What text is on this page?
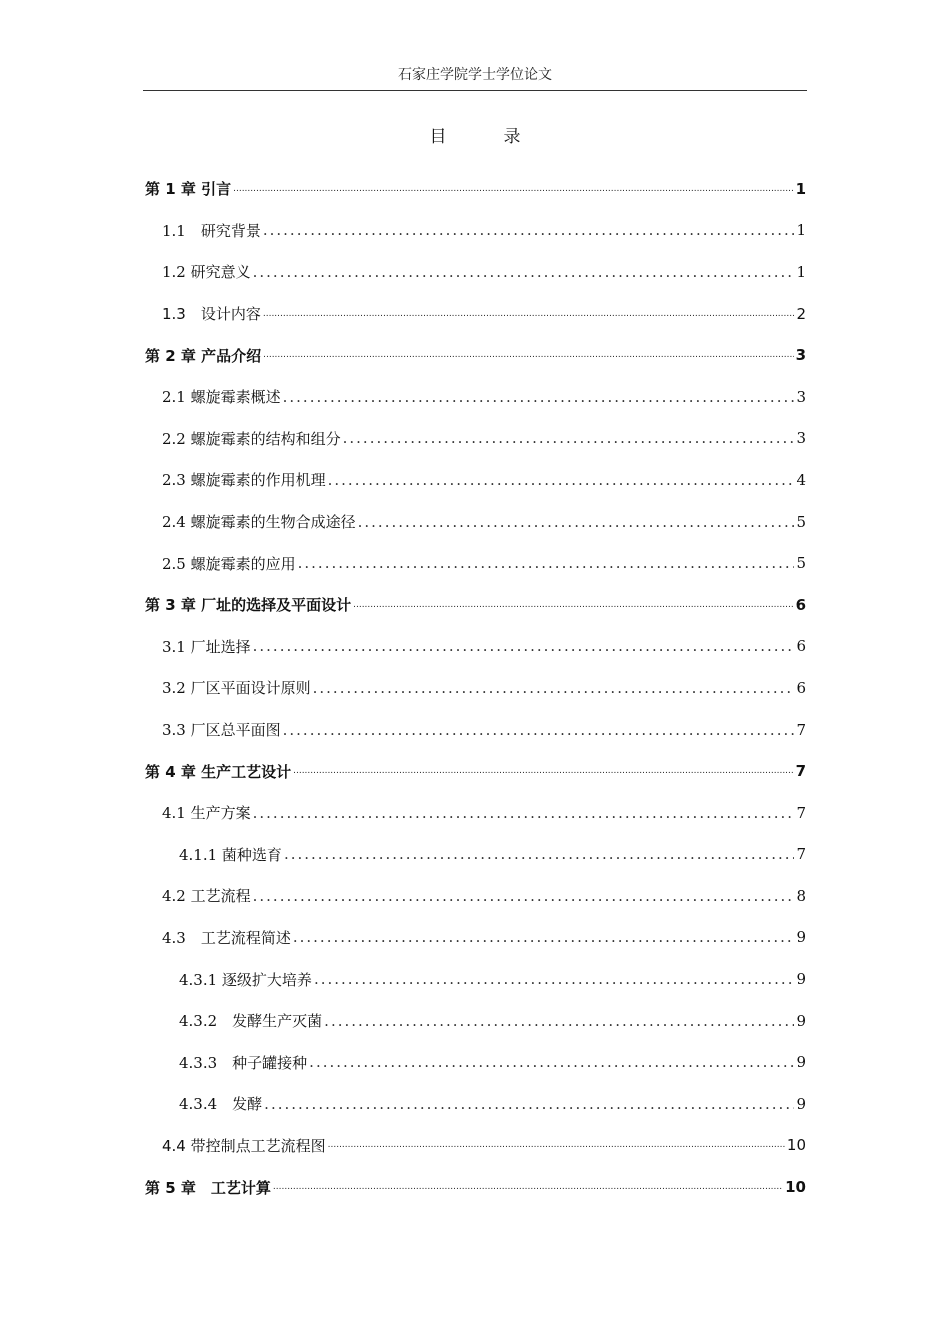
石家庄学院学士学位论文
目　录
第 1 章 引言 .....	1
1.1　研究背景 .....	1
1.2 研究意义 .....	1
1.3　设计内容 .....	2
第 2 章 产品介绍 .....	3
2.1 螺旋霉素概述 .....	3
2.2 螺旋霉素的结构和组分 .....	3
2.3 螺旋霉素的作用机理 .....	4
2.4 螺旋霉素的生物合成途径 .....	5
2.5 螺旋霉素的应用 .....	5
第 3 章 厂址的选择及平面设计 .....	6
3.1 厂址选择 .....	6
3.2 厂区平面设计原则 .....	6
3.3 厂区总平面图 .....	7
第 4 章 生产工艺设计 .....	7
4.1 生产方案 .....	7
4.1.1 菌种选育 .....	7
4.2 工艺流程 .....	8
4.3　工艺流程简述 .....	9
4.3.1 逐级扩大培养 .....	9
4.3.2　发酵生产灭菌 .....	9
4.3.3　种子罐接种 .....	9
4.3.4　发酵 .....	9
4.4 带控制点工艺流程图 .....	10
第 5 章　工艺计算 .....	10
